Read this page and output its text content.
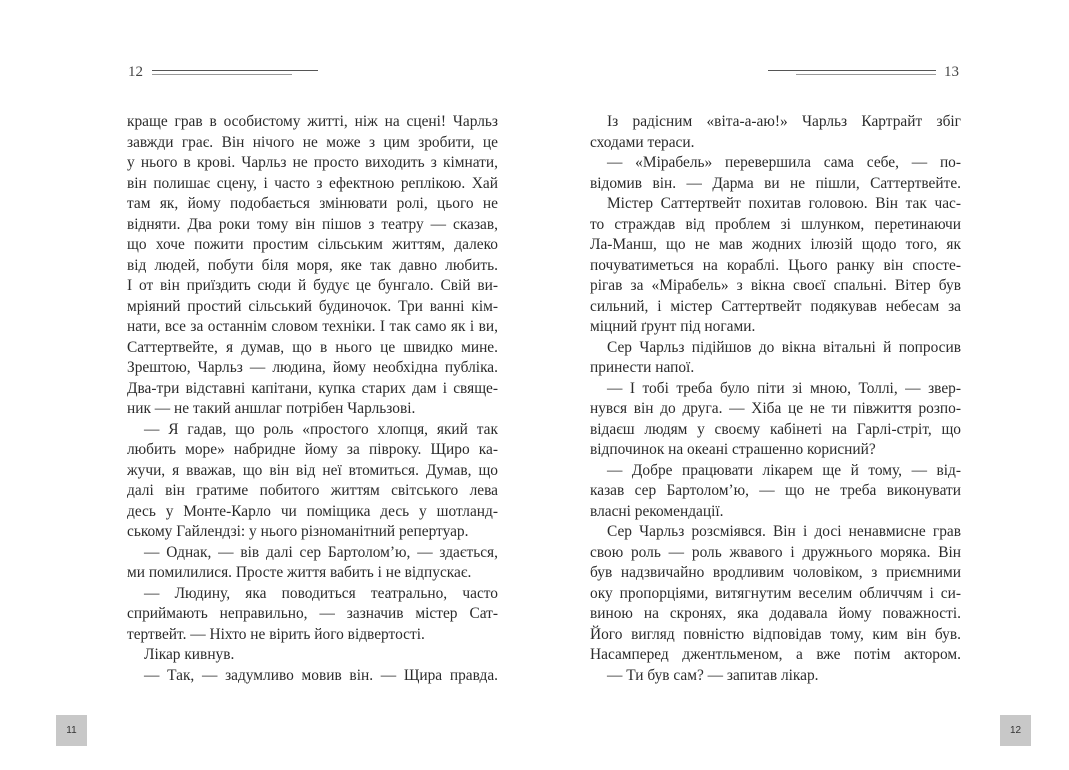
12	13

краще грав в особистому житті, ніж на сцені! Чарльз

завжди грає. Він нічого не може з цим зробити, це

у нього в крові. Чарльз не просто виходить з кімнати,

він полишає сцену, і часто з ефектною реплікою. Хай

там як, йому подобається змінювати ролі, цього не

відняти. Два роки тому він пішов з театру — сказав,

що хоче пожити простим сільським життям, далеко

від людей, побути біля моря, яке так давно любить.

І от він приїздить сюди й будує це бунгало. Свій ви-

мріяний простий сільський будиночок. Три ванні кім-

нати, все за останнім словом техніки. І так само як і ви,

Саттертвейте, я думав, що в нього це швидко мине.

Зрештою, Чарльз — людина, йому необхідна публіка.

Два-три відставні капітани, купка старих дам і свяще-

ник — не такий аншлаг потрібен Чарльзові.

— Я гадав, що роль «простого хлопця, який так

любить море» набридне йому за півроку. Щиро ка-

жучи, я вважав, що він від неї втомиться. Думав, що

далі він гратиме побитого життям світського лева

десь у Монте-Карло чи поміщика десь у шотланд-

ському Гайлендзі: у нього різноманітний репертуар.

— Однак, — вів далі сер Бартоломʼю, — здається,

ми помилилися. Просте життя вабить і не відпускає.

— Людину, яка поводиться театрально, часто

сприймають неправильно, — зазначив містер Сат-

тертвейт. — Ніхто не вірить його відвертості.

Лікар кивнув.

— Так, — задумливо мовив він. — Щира правда.

Із радісним «віта-а-аю!» Чарльз Картрайт збіг

сходами тераси.

— «Мірабель» перевершила сама себе, — по-

відомив він. — Дарма ви не пішли, Саттертвейте.

Містер Саттертвейт похитав головою. Він так час-

то страждав від проблем зі шлунком, перетинаючи

Ла-Манш, що не мав жодних ілюзій щодо того, як

почуватиметься на кораблі. Цього ранку він спосте-

рігав за «Мірабель» з вікна своєї спальні. Вітер був

сильний, і містер Саттертвейт подякував небесам за

міцний ґрунт під ногами.

Сер Чарльз підійшов до вікна вітальні й попросив

принести напої.

— І тобі треба було піти зі мною, Толлі, — звер-

нувся він до друга. — Хіба це не ти півжиття розпо-

відаєш людям у своєму кабінеті на Гарлі-стріт, що

відпочинок на океані страшенно корисний?

— Добре працювати лікарем ще й тому, — від-

казав сер Бартоломʼю, — що не треба виконувати

власні рекомендації.

Сер Чарльз розсміявся. Він і досі ненавмисне грав

свою роль — роль жвавого і дружнього моряка. Він

був надзвичайно вродливим чоловіком, з приємними

оку пропорціями, витягнутим веселим обличчям і си-

виною на скронях, яка додавала йому поважності.

Його вигляд повністю відповідав тому, ким він був.

Насамперед джентльменом, а вже потім актором.

— Ти був сам? — запитав лікар.

11	12
